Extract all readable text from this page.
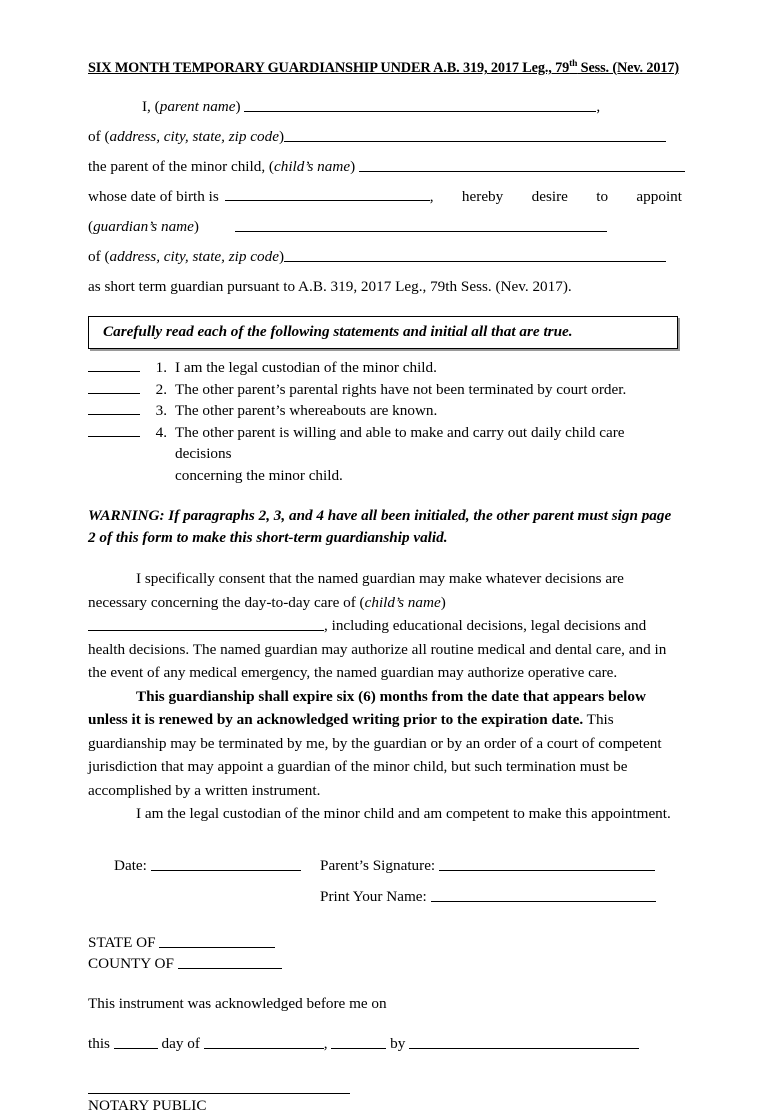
SIX MONTH TEMPORARY GUARDIANSHIP UNDER A.B. 319, 2017 Leg., 79th Sess. (Nev. 2017)

I, (parent name)	,

of (address, city, state, zip code)

the parent of the minor child, (child’s name)

whose date of birth is	, hereby desire to appoint

(guardian’s name)

of (address, city, state, zip code)

as short term guardian pursuant to A.B. 319, 2017 Leg., 79th Sess. (Nev. 2017).

Carefully read each of the following statements and initial all that are true.

1. I am the legal custodian of the minor child.
2. The other parent’s parental rights have not been terminated by court order.
3. The other parent’s whereabouts are known.
4. The other parent is willing and able to make and carry out daily child care decisions
concerning the minor child.

WARNING: If paragraphs 2, 3, and 4 have all been initialed, the other parent must sign page 2 of this form to make this short-term guardianship valid.

I specifically consent that the named guardian may make whatever decisions are necessary concerning the day-to-day care of (child’s name), including educational decisions, legal decisions and health decisions. The named guardian may authorize all routine medical and dental care, and in the event of any medical emergency, the named guardian may authorize operative care.

This guardianship shall expire six (6) months from the date that appears below unless it is renewed by an acknowledged writing prior to the expiration date. This guardianship may be terminated by me, by the guardian or by an order of a court of competent jurisdiction that may appoint a guardian of the minor child, but such termination must be accomplished by a written instrument.

I am the legal custodian of the minor child and am competent to make this appointment.

Date:	Parent’s Signature:
Print Your Name:
STATE OF
COUNTY OF
This instrument was acknowledged before me on
this	day of	,	by
NOTARY PUBLIC
